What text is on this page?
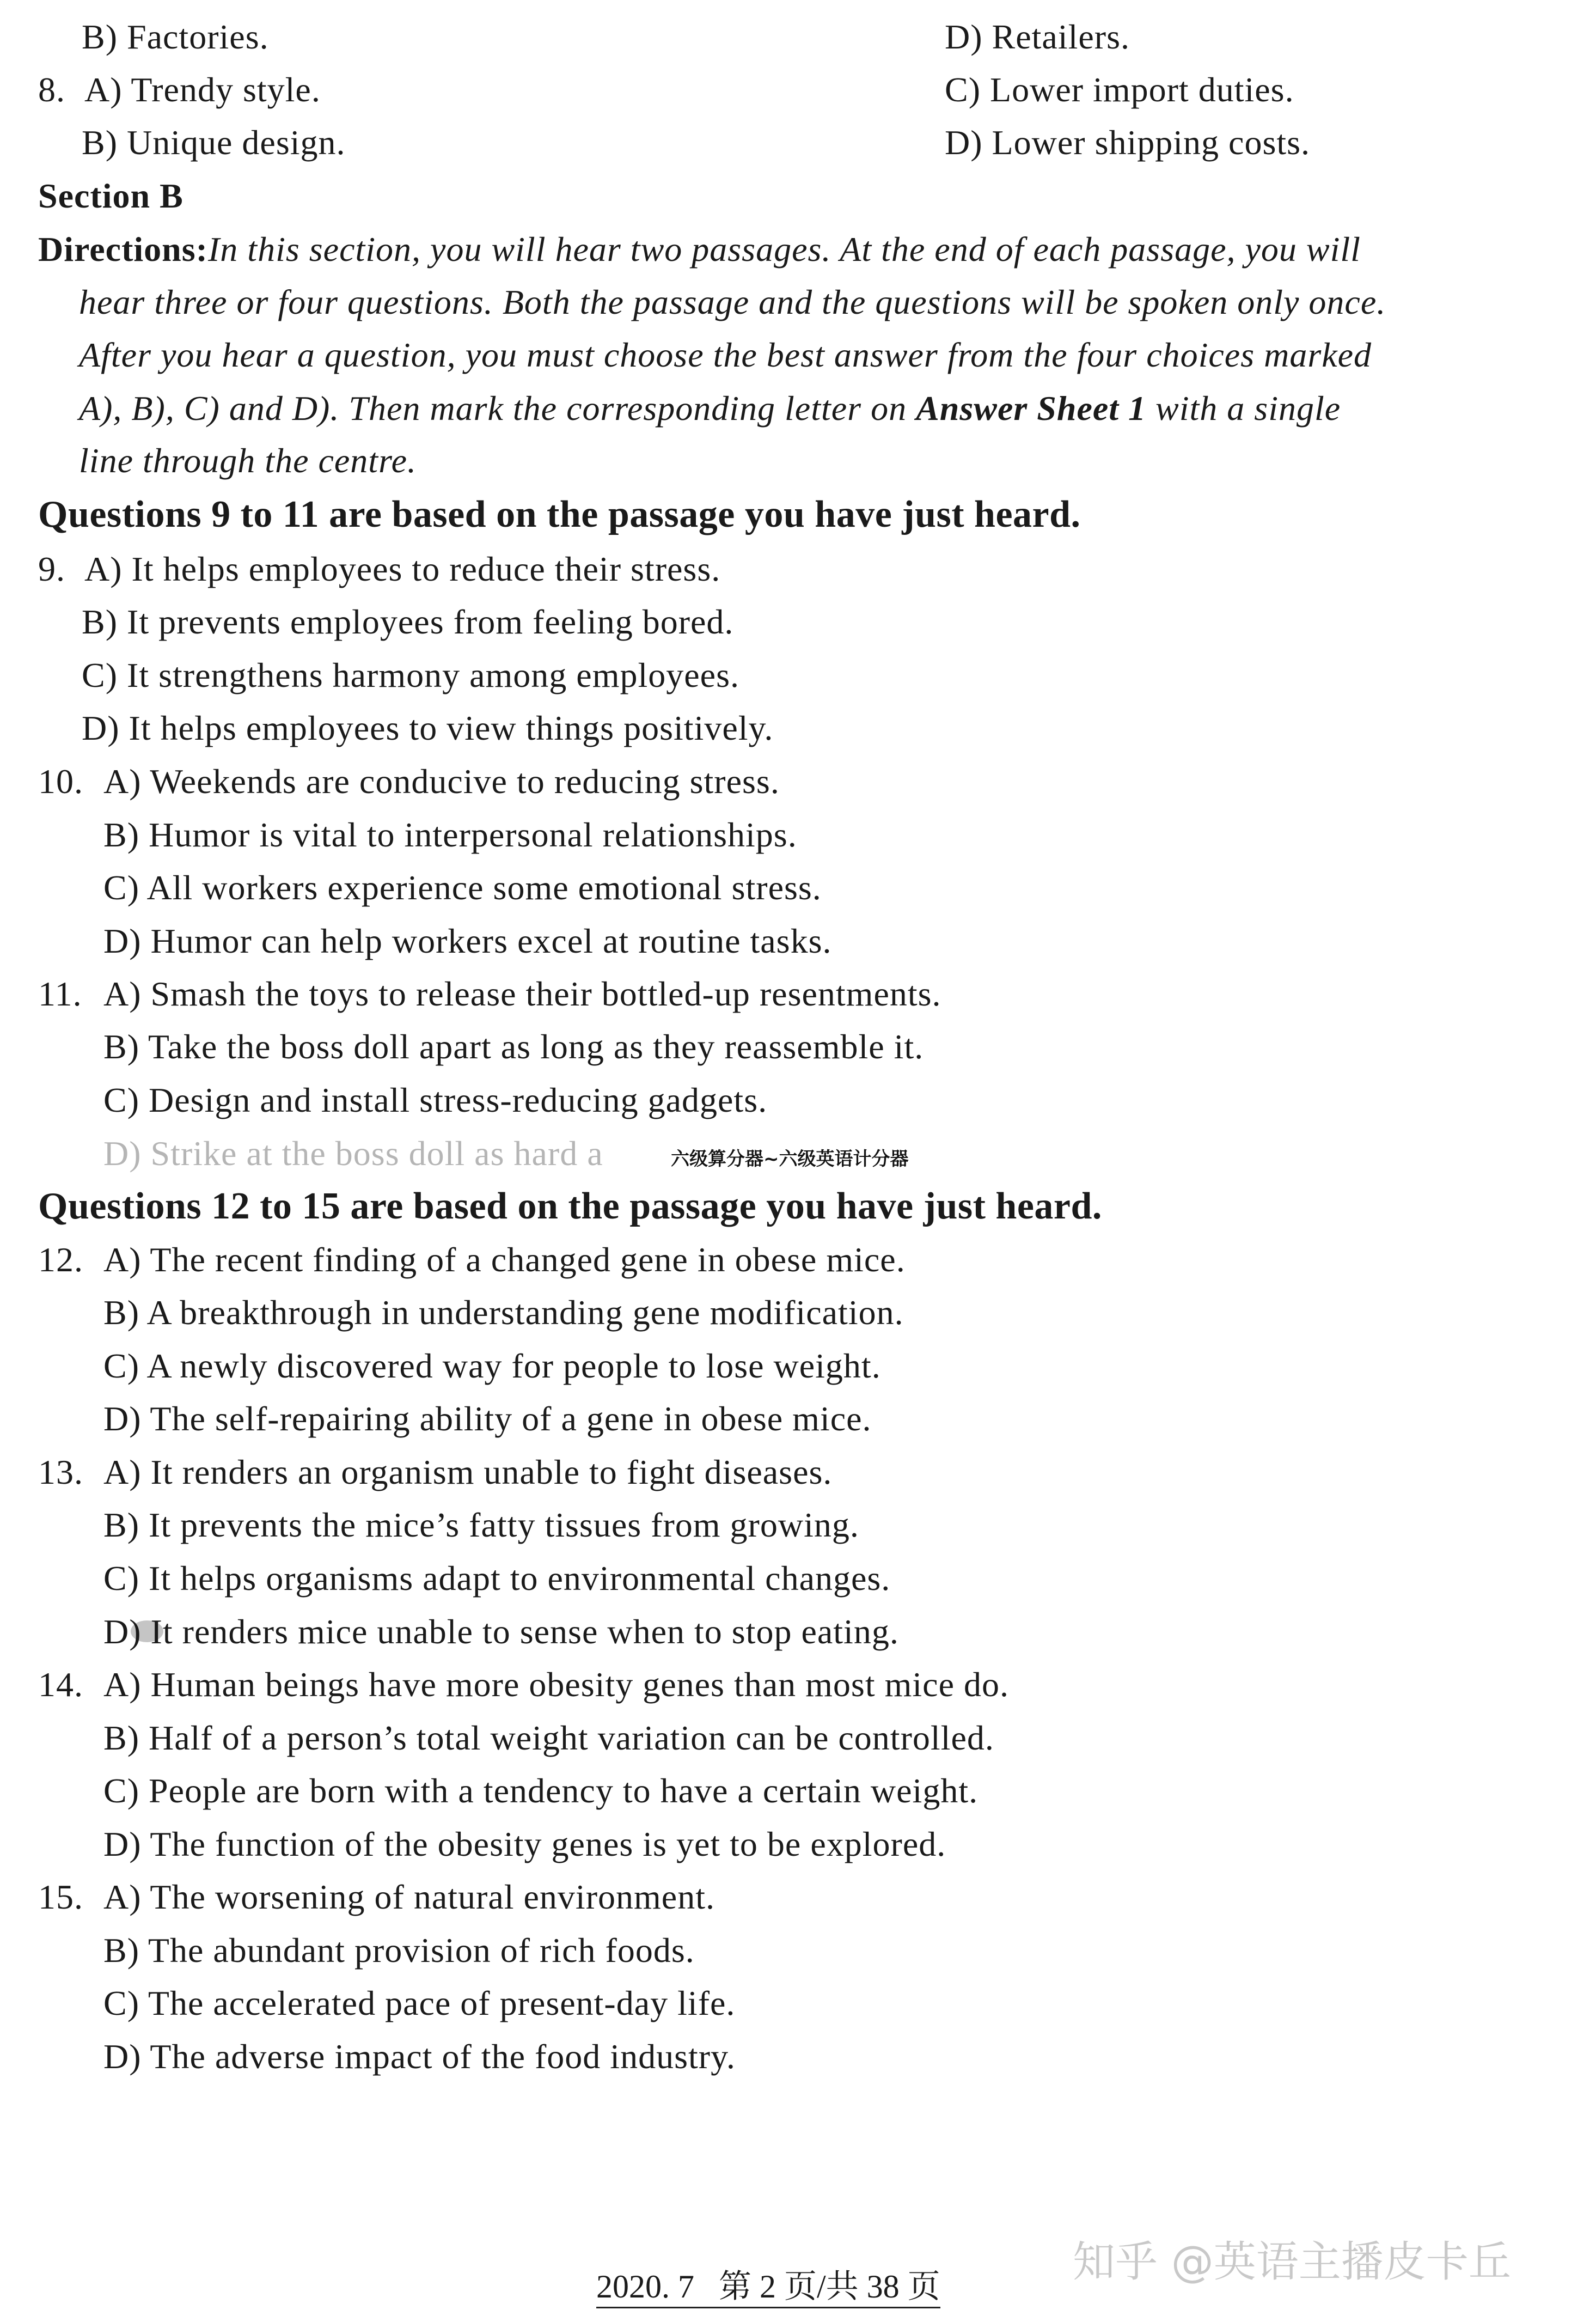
B) Factories.	D) Retailers.
8. A) Trendy style.	C) Lower import duties.
B) Unique design.	D) Lower shipping costs.
Section B
Directions:In this section, you will hear two passages. At the end of each passage, you will
hear three or four questions. Both the passage and the questions will be spoken only once.
After you hear a question, you must choose the best answer from the four choices marked
A), B), C) and D). Then mark the corresponding letter on Answer Sheet 1 with a single
line through the centre.
Questions 9 to 11 are based on the passage you have just heard.
9. A) It helps employees to reduce their stress.
B) It prevents employees from feeling bored.
C) It strengthens harmony among employees.
D) It helps employees to view things positively.
10. A) Weekends are conducive to reducing stress.
B) Humor is vital to interpersonal relationships.
C) All workers experience some emotional stress.
D) Humor can help workers excel at routine tasks.
11. A) Smash the toys to release their bottled-up resentments.
B) Take the boss doll apart as long as they reassemble it.
C) Design and install stress-reducing gadgets.
D) Strike at the boss doll as hard a	六级算分器~六级英语计分器
Questions 12 to 15 are based on the passage you have just heard.
12. A) The recent finding of a changed gene in obese mice.
B) A breakthrough in understanding gene modification.
C) A newly discovered way for people to lose weight.
D) The self-repairing ability of a gene in obese mice.
13. A) It renders an organism unable to fight diseases.
B) It prevents the mice’s fatty tissues from growing.
C) It helps organisms adapt to environmental changes.
D) It renders mice unable to sense when to stop eating.
14. A) Human beings have more obesity genes than most mice do.
B) Half of a person’s total weight variation can be controlled.
C) People are born with a tendency to have a certain weight.
D) The function of the obesity genes is yet to be explored.
15. A) The worsening of natural environment.
B) The abundant provision of rich foods.
C) The accelerated pace of present-day life.
D) The adverse impact of the food industry.
2020. 7   第 2 页/共 38 页	知乎 @英语主播皮卡丘
